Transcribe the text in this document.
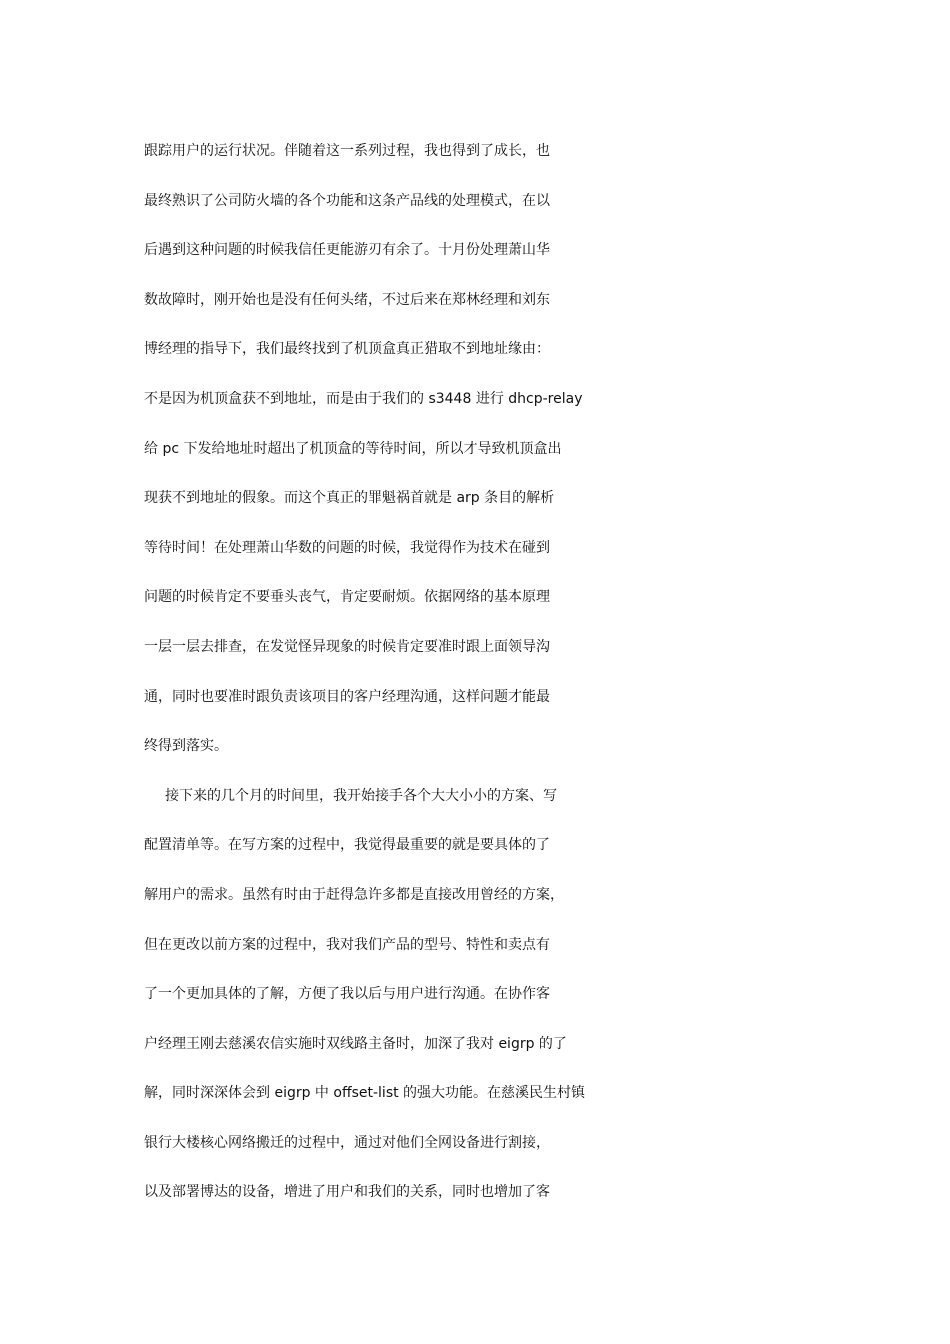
跟踪用户的运行状况。伴随着这一系列过程，我也得到了成长，也
最终熟识了公司防火墙的各个功能和这条产品线的处理模式，在以
后遇到这种问题的时候我信任更能游刃有余了。十月份处理萧山华
数故障时，刚开始也是没有任何头绪，不过后来在郑林经理和刘东
博经理的指导下，我们最终找到了机顶盒真正猎取不到地址缘由：
不是因为机顶盒获不到地址，而是由于我们的 s3448 进行 dhcp-relay
给 pc 下发给地址时超出了机顶盒的等待时间，所以才导致机顶盒出
现获不到地址的假象。而这个真正的罪魁祸首就是 arp 条目的解析
等待时间！在处理萧山华数的问题的时候，我觉得作为技术在碰到
问题的时候肯定不要垂头丧气，肯定要耐烦。依据网络的基本原理
一层一层去排查，在发觉怪异现象的时候肯定要准时跟上面领导沟
通，同时也要准时跟负责该项目的客户经理沟通，这样问题才能最
终得到落实。
接下来的几个月的时间里，我开始接手各个大大小小的方案、写
配置清单等。在写方案的过程中，我觉得最重要的就是要具体的了
解用户的需求。虽然有时由于赶得急许多都是直接改用曾经的方案，
但在更改以前方案的过程中，我对我们产品的型号、特性和卖点有
了一个更加具体的了解，方便了我以后与用户进行沟通。在协作客
户经理王刚去慈溪农信实施时双线路主备时，加深了我对 eigrp 的了
解，同时深深体会到 eigrp 中 offset-list 的强大功能。在慈溪民生村镇
银行大楼核心网络搬迁的过程中，通过对他们全网设备进行割接，
以及部署博达的设备，增进了用户和我们的关系，同时也增加了客
